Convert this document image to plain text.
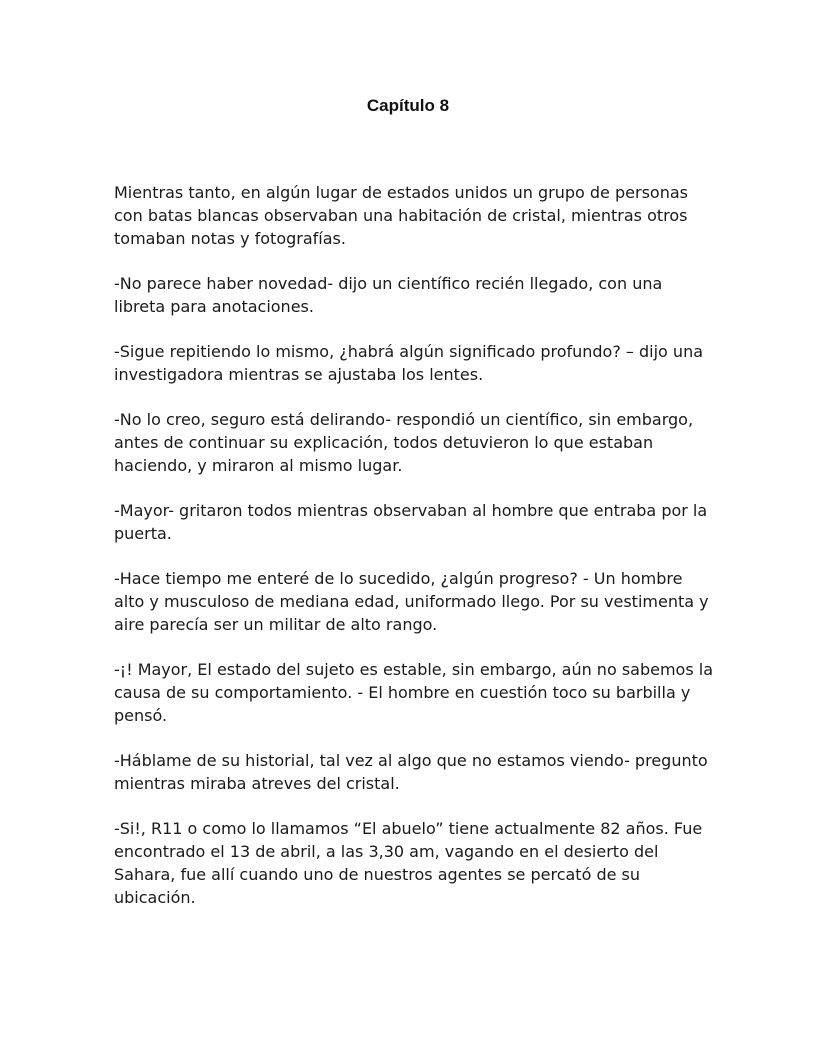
Capítulo 8

Mientras tanto, en algún lugar de estados unidos un grupo de personas con batas blancas observaban una habitación de cristal, mientras otros tomaban notas y fotografías.

-No parece haber novedad- dijo un científico recién llegado, con una libreta para anotaciones.

-Sigue repitiendo lo mismo, ¿habrá algún significado profundo? – dijo una investigadora mientras se ajustaba los lentes.

-No lo creo, seguro está delirando- respondió un científico, sin embargo, antes de continuar su explicación, todos detuvieron lo que estaban haciendo, y miraron al mismo lugar.

-Mayor- gritaron todos mientras observaban al hombre que entraba por la puerta.

-Hace tiempo me enteré de lo sucedido, ¿algún progreso? - Un hombre alto y musculoso de mediana edad, uniformado llego. Por su vestimenta y aire parecía ser un militar de alto rango.

-¡! Mayor, El estado del sujeto es estable, sin embargo, aún no sabemos la causa de su comportamiento. - El hombre en cuestión toco su barbilla y pensó.

-Háblame de su historial, tal vez al algo que no estamos viendo- pregunto mientras miraba atreves del cristal.

-Si!, R11 o como lo llamamos “El abuelo” tiene actualmente 82 años. Fue encontrado el 13 de abril, a las 3,30 am, vagando en el desierto del Sahara, fue allí cuando uno de nuestros agentes se percató de su ubicación.
